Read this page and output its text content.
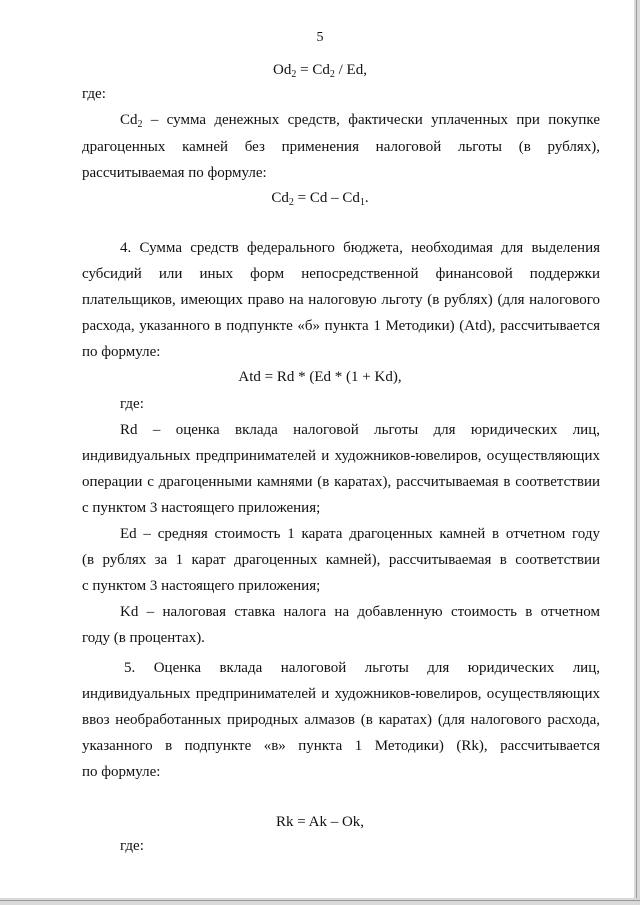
5
$Od_2 = Cd_2 / Ed$,
где:
$Cd_2$ – сумма денежных средств, фактически уплаченных при покупке
драгоценных камней без применения налоговой льготы (в рублях),
рассчитываемая по формуле:
$Cd_2 = Cd - Cd_1$.
4. Сумма средств федерального бюджета, необходимая для выделения
субсидий или иных форм непосредственной финансовой поддержки
плательщиков, имеющих право на налоговую льготу (в рублях) (для налогового
расхода, указанного в подпункте «б» пункта 1 Методики) (Atd), рассчитывается
по формуле:
Atd = Rd * (Ed * (1 + Kd),
где:
Rd – оценка вклада налоговой льготы для юридических лиц,
индивидуальных предпринимателей и художников-ювелиров, осуществляющих
операции с драгоценными камнями (в каратах), рассчитываемая в соответствии
с пунктом 3 настоящего приложения;
Ed – средняя стоимость 1 карата драгоценных камней в отчетном году
(в рублях за 1 карат драгоценных камней), рассчитываемая в соответствии
с пунктом 3 настоящего приложения;
Kd – налоговая ставка налога на добавленную стоимость в отчетном
году (в процентах).
5. Оценка вклада налоговой льготы для юридических лиц,
индивидуальных предпринимателей и художников-ювелиров, осуществляющих
ввоз необработанных природных алмазов (в каратах) (для налогового расхода,
указанного в подпункте «в» пункта 1 Методики) (Rk), рассчитывается
по формуле:
Rk = Ak – Ok,
где:
